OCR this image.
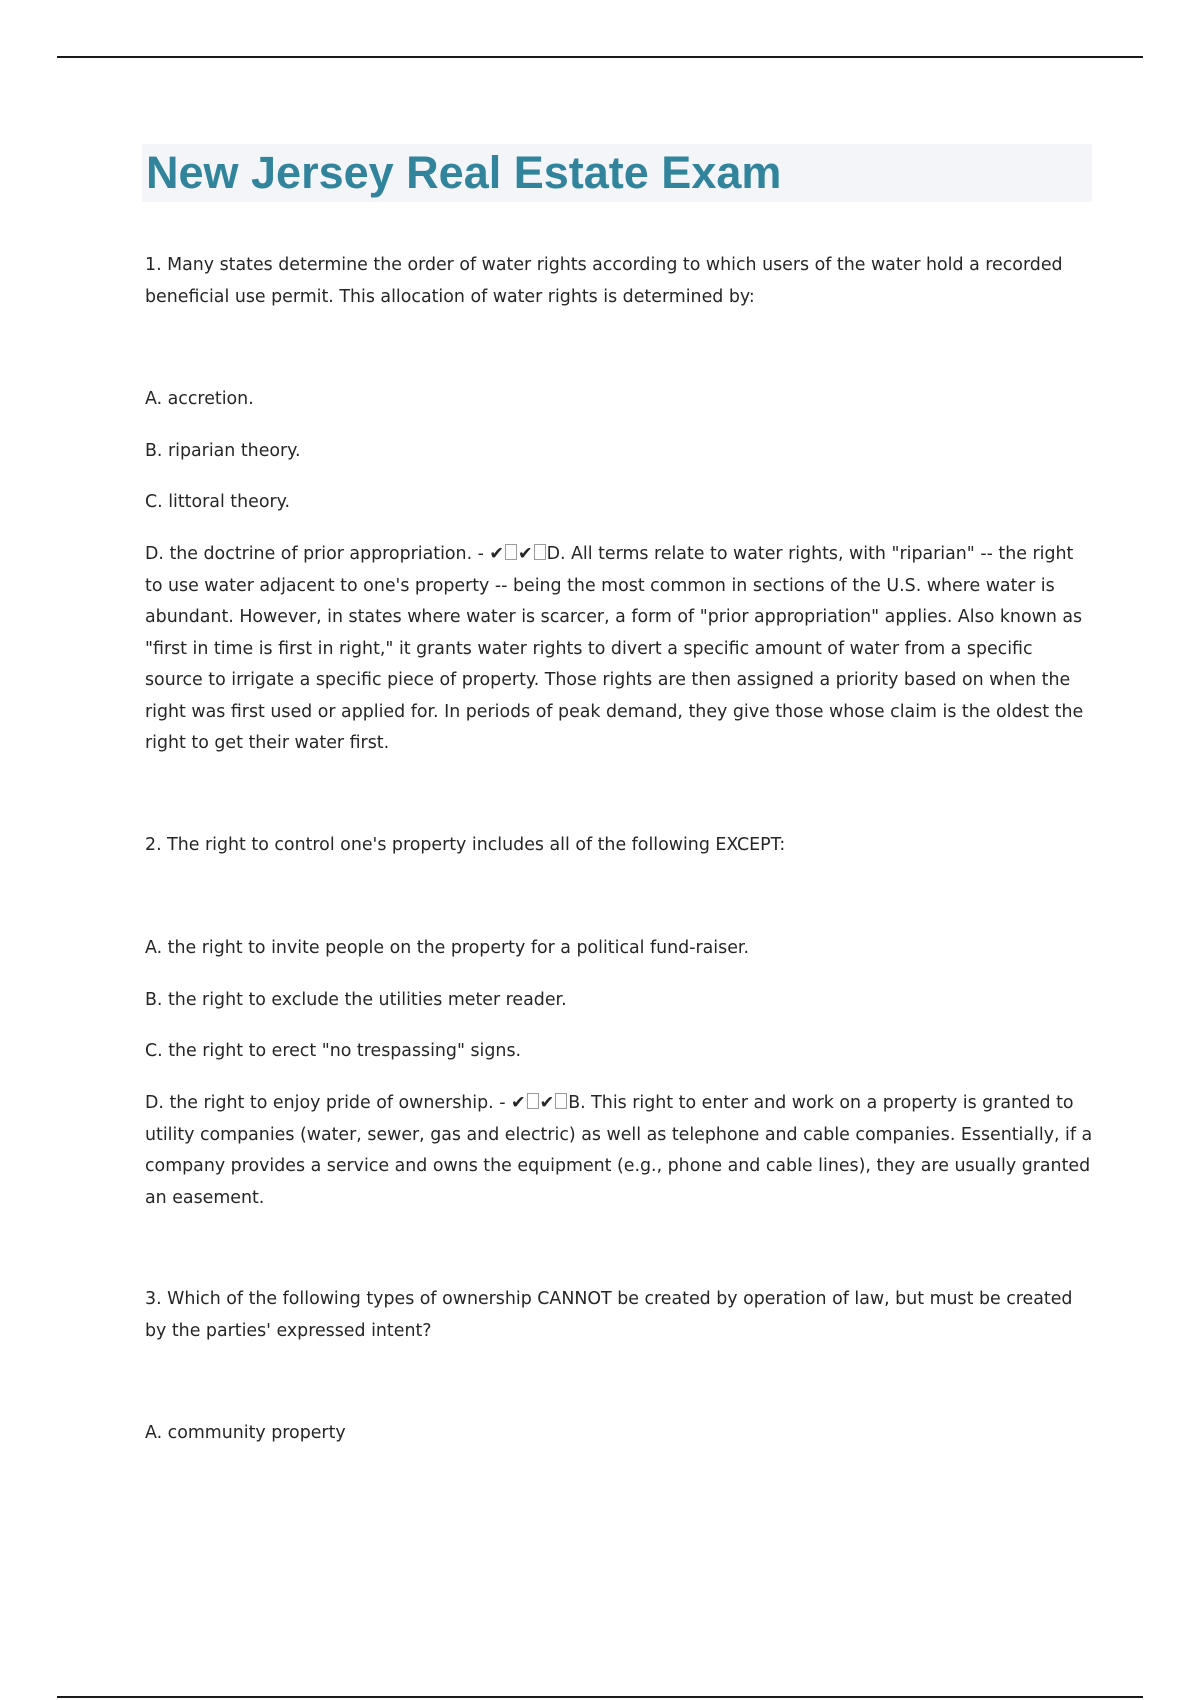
New Jersey Real Estate Exam

1. Many states determine the order of water rights according to which users of the water hold a recorded beneficial use permit. This allocation of water rights is determined by:

A. accretion.

B. riparian theory.

C. littoral theory.

D. the doctrine of prior appropriation. - ✔ ✔ D. All terms relate to water rights, with "riparian" -- the right to use water adjacent to one's property -- being the most common in sections of the U.S. where water is abundant. However, in states where water is scarcer, a form of "prior appropriation" applies. Also known as "first in time is first in right," it grants water rights to divert a specific amount of water from a specific source to irrigate a specific piece of property. Those rights are then assigned a priority based on when the right was first used or applied for. In periods of peak demand, they give those whose claim is the oldest the right to get their water first.

2. The right to control one's property includes all of the following EXCEPT:

A. the right to invite people on the property for a political fund-raiser.

B. the right to exclude the utilities meter reader.

C. the right to erect "no trespassing" signs.

D. the right to enjoy pride of ownership. - ✔ ✔ B. This right to enter and work on a property is granted to utility companies (water, sewer, gas and electric) as well as telephone and cable companies. Essentially, if a company provides a service and owns the equipment (e.g., phone and cable lines), they are usually granted an easement.

3. Which of the following types of ownership CANNOT be created by operation of law, but must be created by the parties' expressed intent?

A. community property
